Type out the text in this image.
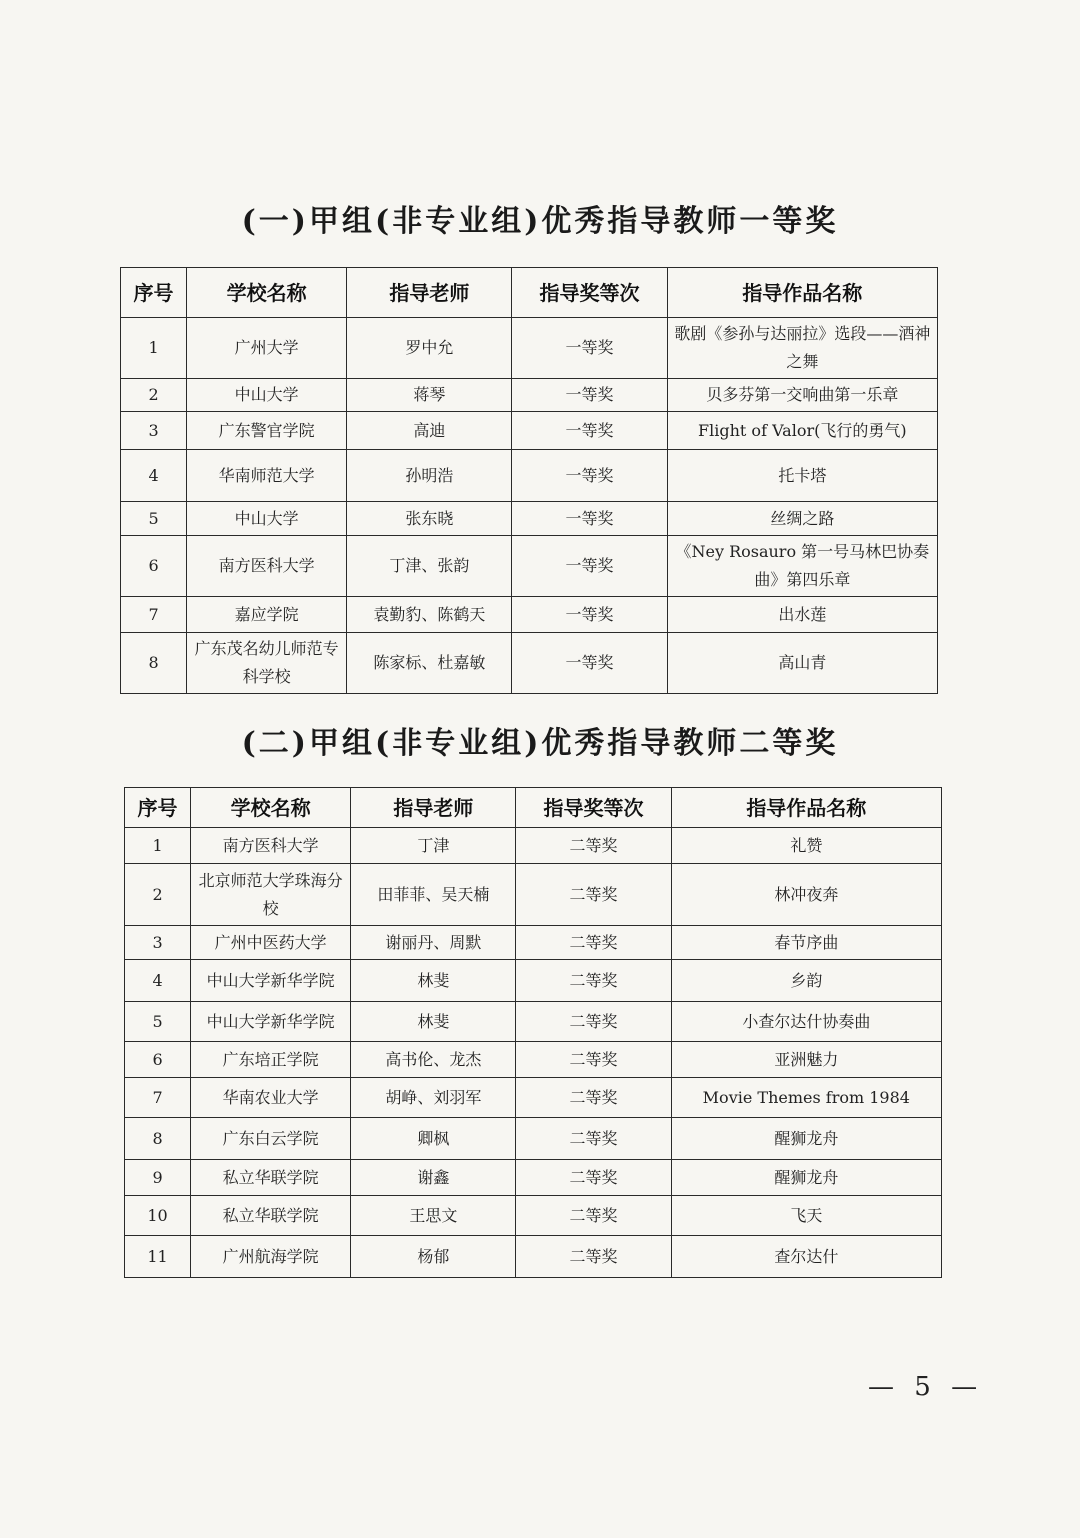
(一)甲组(非专业组)优秀指导教师一等奖
序号	学校名称	指导老师	指导奖等次	指导作品名称
1	广州大学	罗中允	一等奖	歌剧《参孙与达丽拉》选段——酒神之舞
2	中山大学	蒋琴	一等奖	贝多芬第一交响曲第一乐章
3	广东警官学院	高迪	一等奖	Flight of Valor(飞行的勇气)
4	华南师范大学	孙明浩	一等奖	托卡塔
5	中山大学	张东晓	一等奖	丝绸之路
6	南方医科大学	丁津、张韵	一等奖	《Ney Rosauro 第一号马林巴协奏曲》第四乐章
7	嘉应学院	袁勤豹、陈鹤天	一等奖	出水莲
8	广东茂名幼儿师范专科学校	陈家标、杜嘉敏	一等奖	高山青
(二)甲组(非专业组)优秀指导教师二等奖
序号	学校名称	指导老师	指导奖等次	指导作品名称
1	南方医科大学	丁津	二等奖	礼赞
2	北京师范大学珠海分校	田菲菲、吴天楠	二等奖	林冲夜奔
3	广州中医药大学	谢丽丹、周默	二等奖	春节序曲
4	中山大学新华学院	林斐	二等奖	乡韵
5	中山大学新华学院	林斐	二等奖	小查尔达什协奏曲
6	广东培正学院	高书伦、龙杰	二等奖	亚洲魅力
7	华南农业大学	胡峥、刘羽军	二等奖	Movie Themes from 1984
8	广东白云学院	卿枫	二等奖	醒狮龙舟
9	私立华联学院	谢鑫	二等奖	醒狮龙舟
10	私立华联学院	王思文	二等奖	飞天
11	广州航海学院	杨郁	二等奖	查尔达什
— 5 —
